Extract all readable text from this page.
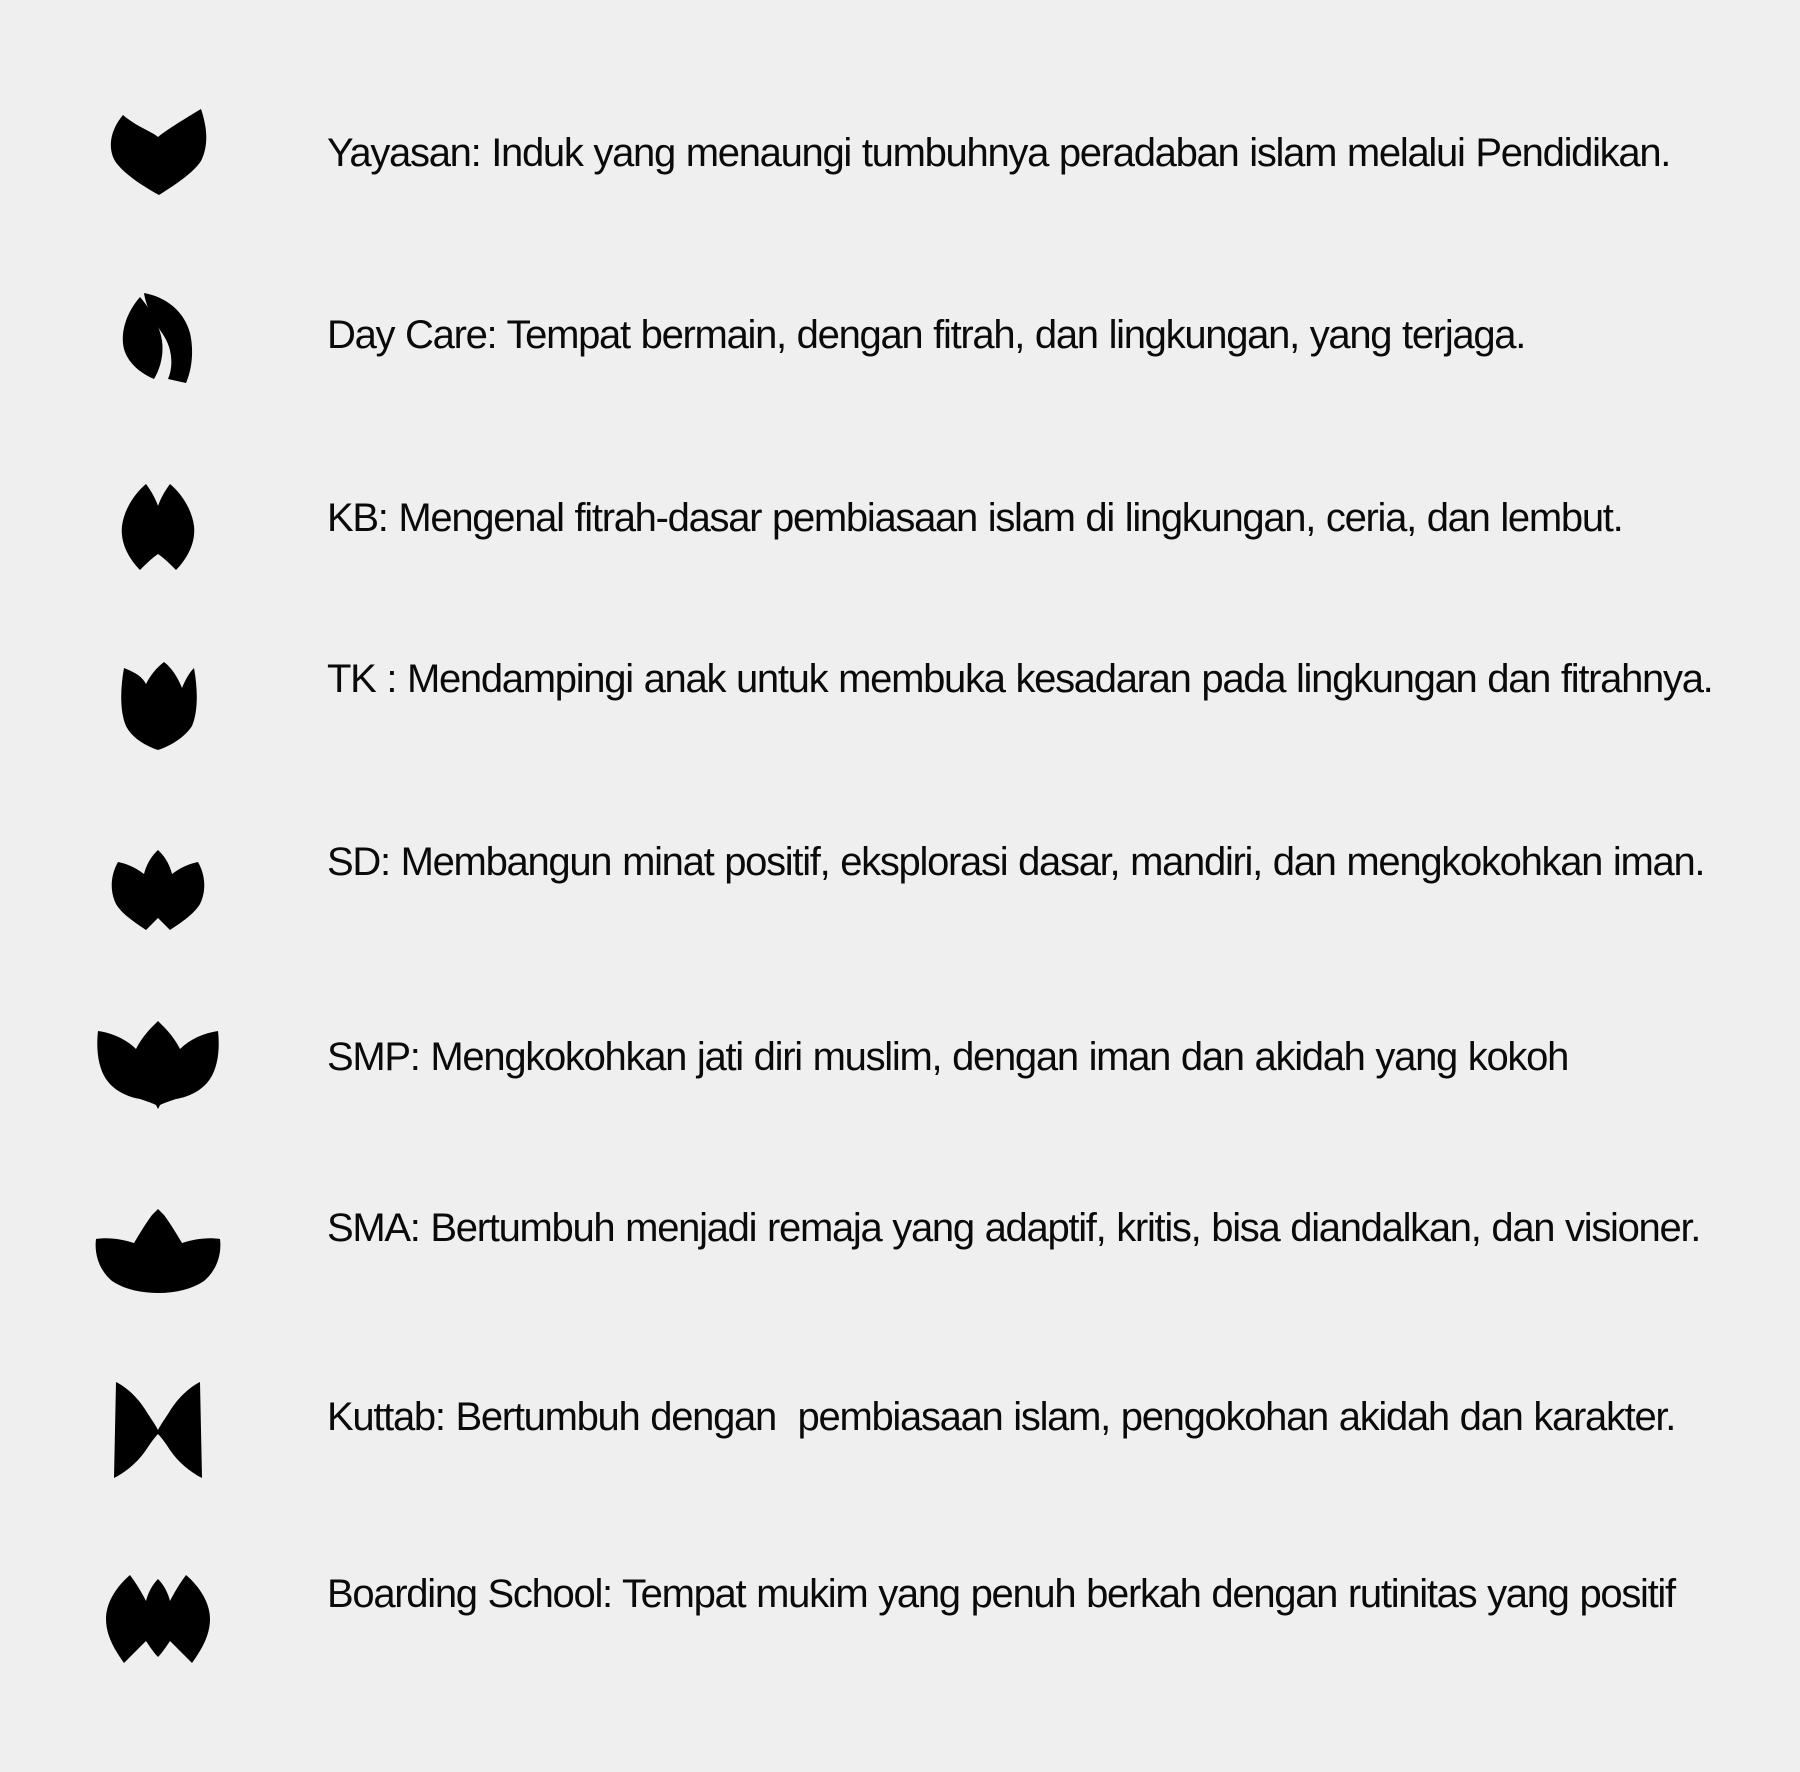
Yayasan: Induk yang menaungi tumbuhnya peradaban islam melalui Pendidikan.
Day Care: Tempat bermain, dengan fitrah, dan lingkungan, yang terjaga.
KB: Mengenal fitrah-dasar pembiasaan islam di lingkungan, ceria, dan lembut.
TK : Mendampingi anak untuk membuka kesadaran pada lingkungan dan fitrahnya.
SD: Membangun minat positif, eksplorasi dasar, mandiri, dan mengkokohkan iman.
SMP: Mengkokohkan jati diri muslim, dengan iman dan akidah yang kokoh
SMA: Bertumbuh menjadi remaja yang adaptif, kritis, bisa diandalkan, dan visioner.
Kuttab: Bertumbuh dengan  pembiasaan islam, pengokohan akidah dan karakter.
Boarding School: Tempat mukim yang penuh berkah dengan rutinitas yang positif
